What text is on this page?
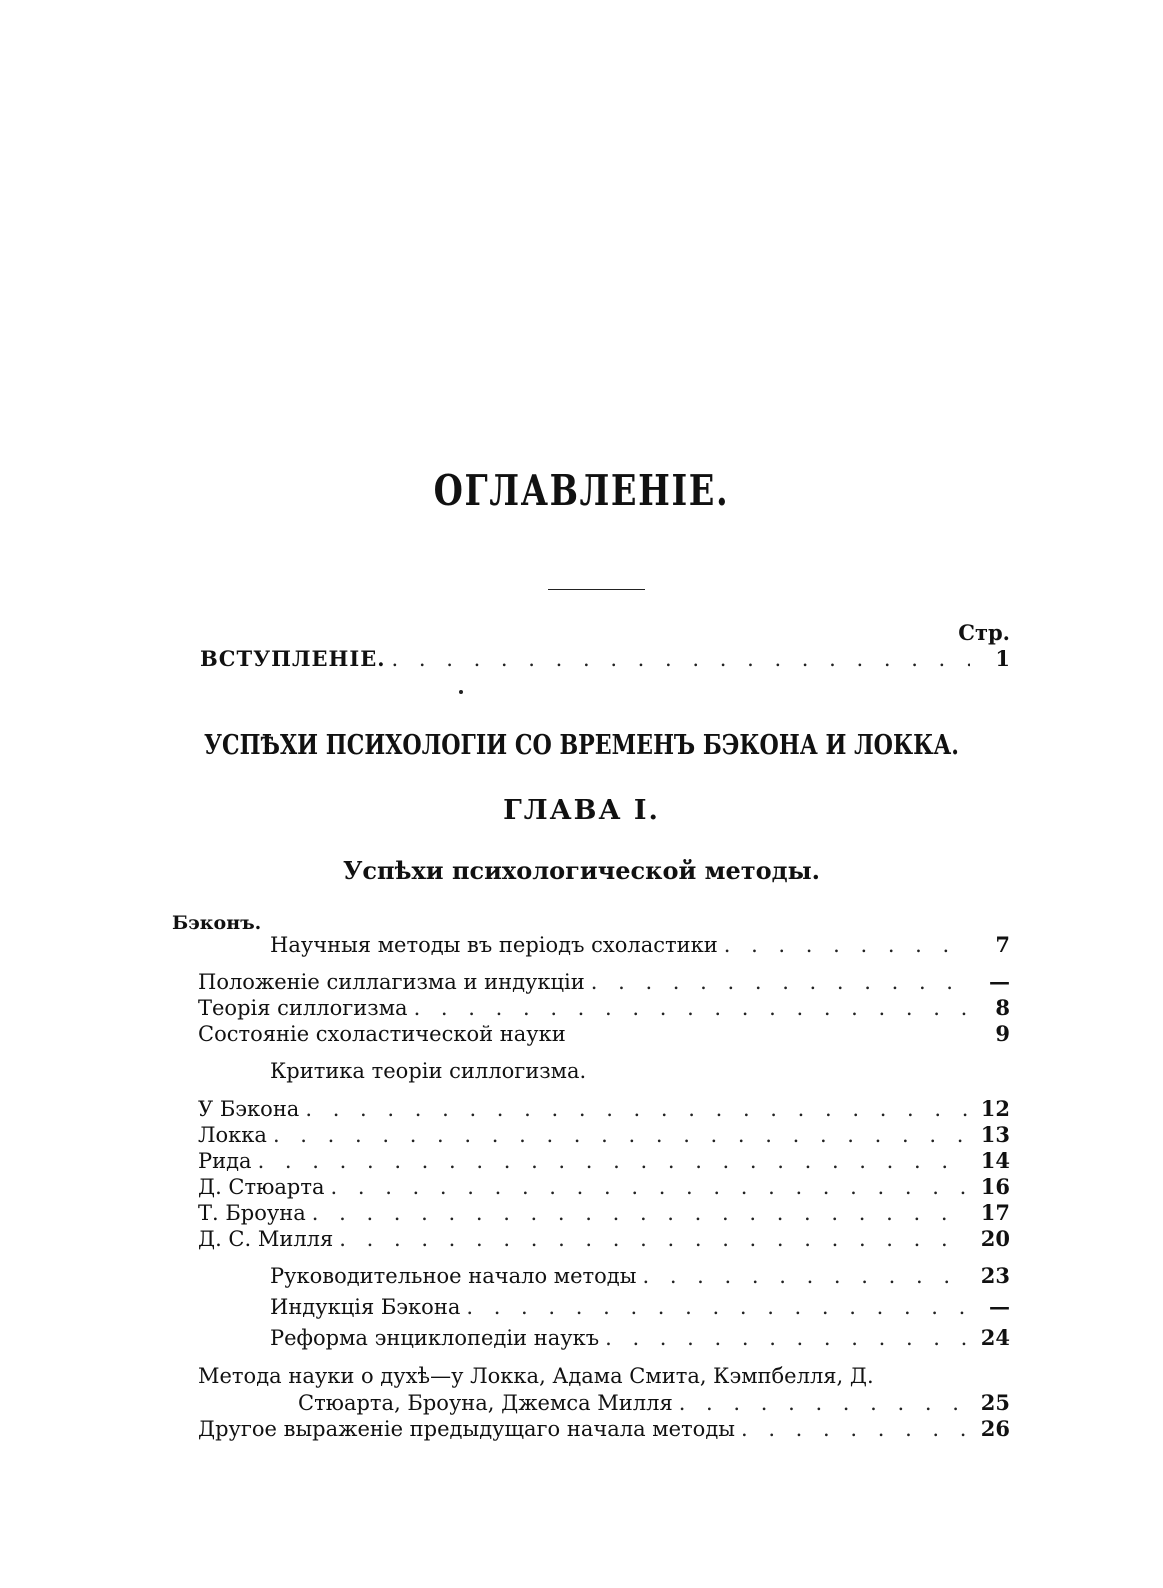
ОГЛАВЛЕНІЕ.
Стр.
ВСТУПЛЕНІЕ. . . .	1
УСПѢХИ ПСИХОЛОГІИ СО ВРЕМЕНЪ БЭКОНА И ЛОККА.
ГЛАВА I.
Успѣхи психологической методы.
Бэконъ.
Научныя методы въ періодъ схоластики . . .	7
Положеніе силлагизма и индукціи . . .	—
Теорія силлогизма . . .	8
Состояніе схоластической науки	9
Критика теоріи силлогизма.
У Бэкона . . .	12
Локка . . .	13
Рида . . .	14
Д. Стюарта . . .	16
Т. Броуна . . .	17
Д. С. Милля . . .	20
Руководительное начало методы . . .	23
Индукція Бэкона . . .	—
Реформа энциклопедіи наукъ . . .	24
Метода науки о духѣ—у Локка, Адама Смита, Кэмпбелля, Д.
Стюарта, Броуна, Джемса Милля . . .	25
Другое выраженіе предыдущаго начала методы . . .	26
